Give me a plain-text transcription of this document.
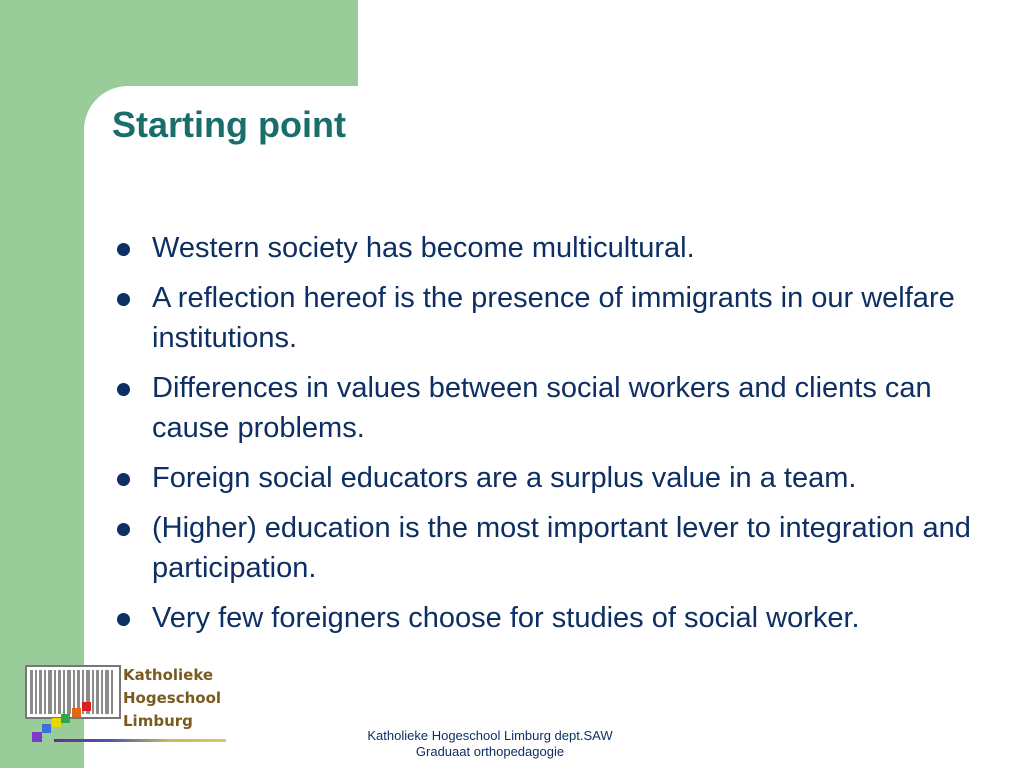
Starting point
Western society has become multicultural.
A reflection hereof is the presence of immigrants in our welfare institutions.
Differences in values between social workers and clients can cause problems.
Foreign social educators are a surplus value in a team.
(Higher) education is the most important lever to integration and participation.
Very few foreigners choose for studies of social worker.
Katholieke
Hogeschool
Limburg
Katholieke Hogeschool Limburg dept.SAW
Graduaat orthopedagogie
